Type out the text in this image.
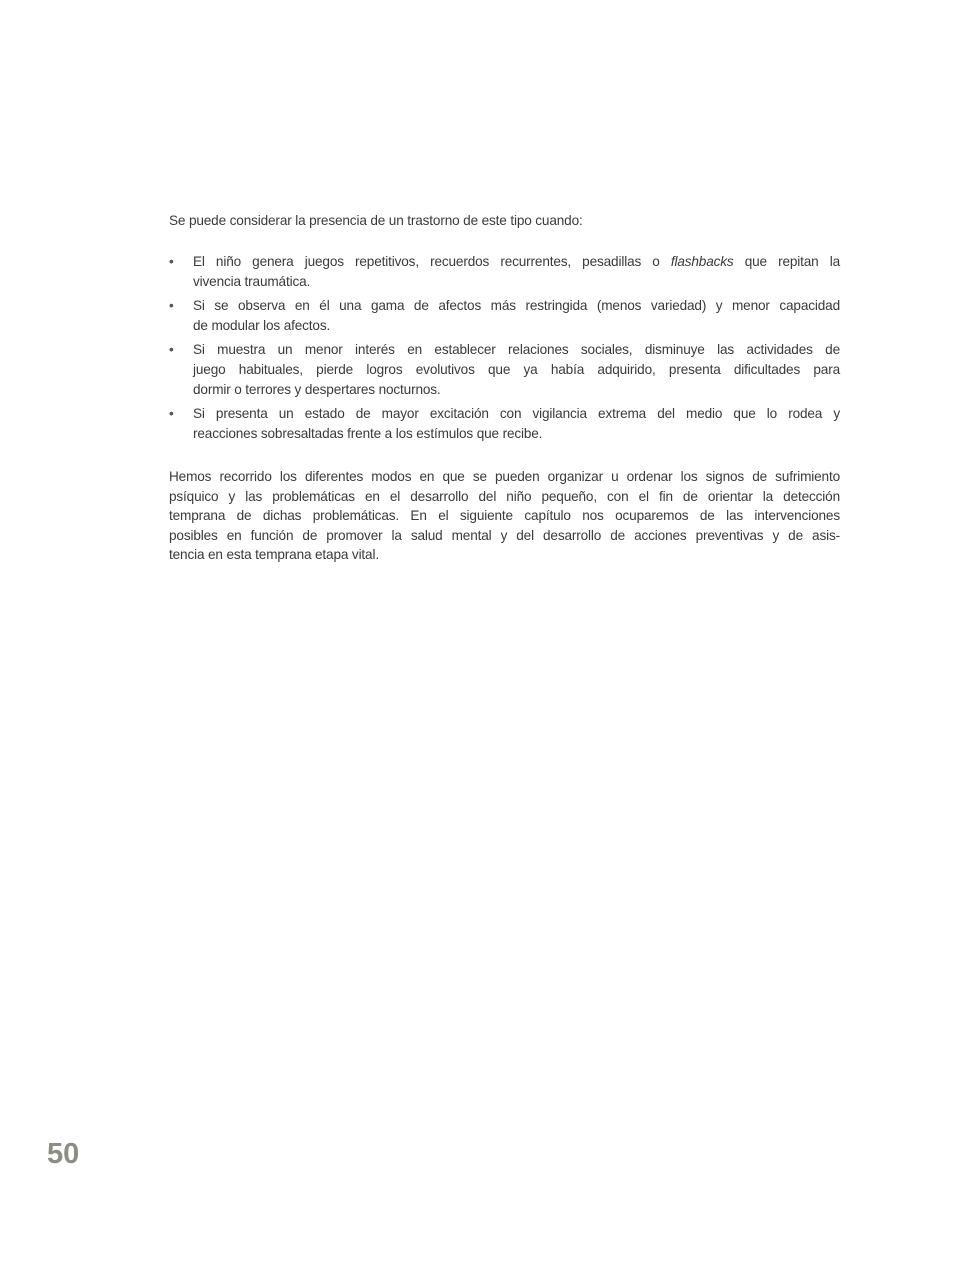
Se puede considerar la presencia de un trastorno de este tipo cuando:
• El niño genera juegos repetitivos, recuerdos recurrentes, pesadillas o flashbacks que repitan la
vivencia traumática.
• Si se observa en él una gama de afectos más restringida (menos variedad) y menor capacidad
de modular los afectos.
• Si muestra un menor interés en establecer relaciones sociales, disminuye las actividades de
juego habituales, pierde logros evolutivos que ya había adquirido, presenta dificultades para
dormir o terrores y despertares nocturnos.
• Si presenta un estado de mayor excitación con vigilancia extrema del medio que lo rodea y
reacciones sobresaltadas frente a los estímulos que recibe.
Hemos recorrido los diferentes modos en que se pueden organizar u ordenar los signos de sufrimiento
psíquico y las problemáticas en el desarrollo del niño pequeño, con el fin de orientar la detección
temprana de dichas problemáticas. En el siguiente capítulo nos ocuparemos de las intervenciones
posibles en función de promover la salud mental y del desarrollo de acciones preventivas y de asis-
tencia en esta temprana etapa vital.
50
